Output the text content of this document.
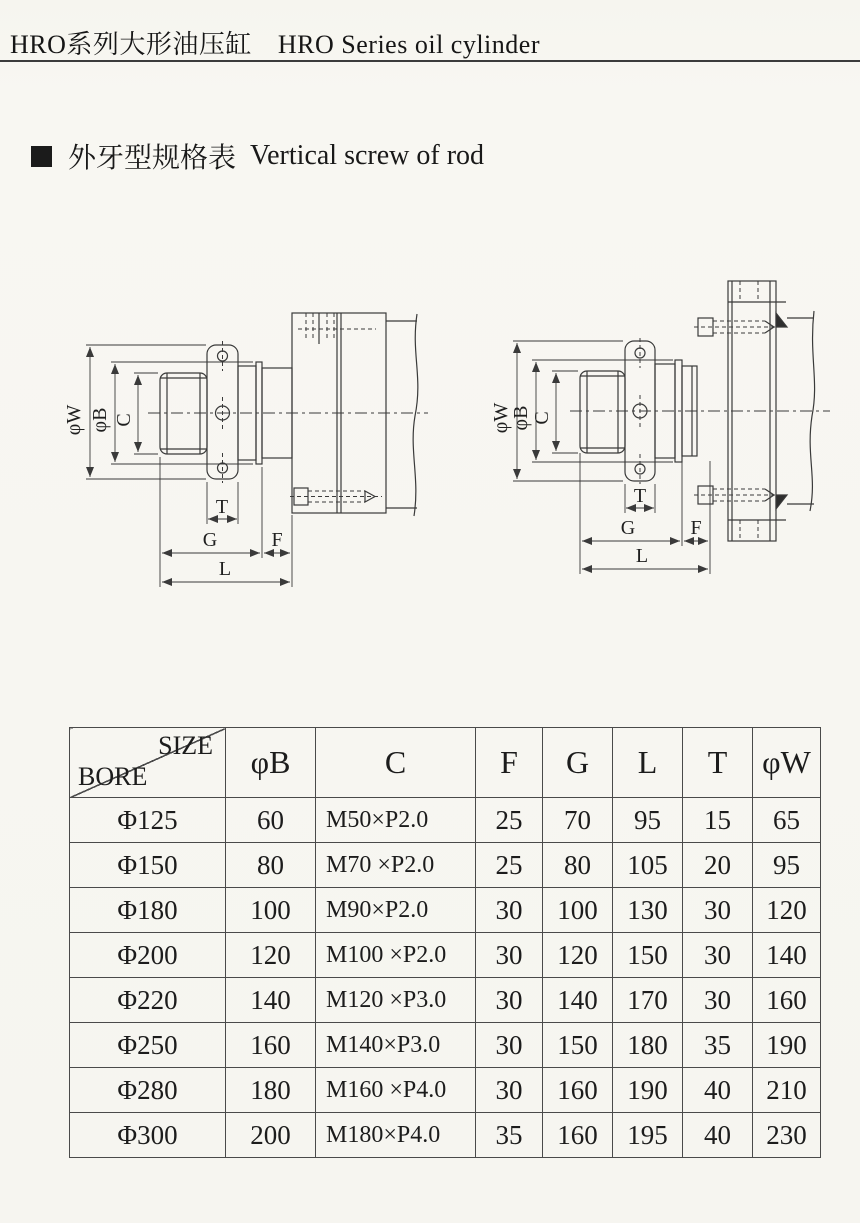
HRO系列大形油压缸 HRO Series oil cylinder
外牙型规格表 Vertical screw of rod
φW φB C
T
G	F
L
φW
φB C
T
G	F
L
SIZE
BORE	φB	C	F	G	L	T	φW
Φ125	60	M50×P2.0	25	70	95	15	65
Φ150	80	M70 ×P2.0	25	80	105	20	95
Φ180	100	M90×P2.0	30	100	130	30	120
Φ200	120	M100 ×P2.0	30	120	150	30	140
Φ220	140	M120 ×P3.0	30	140	170	30	160
Φ250	160	M140×P3.0	30	150	180	35	190
Φ280	180	M160 ×P4.0	30	160	190	40	210
Φ300	200	M180×P4.0	35	160	195	40	230
